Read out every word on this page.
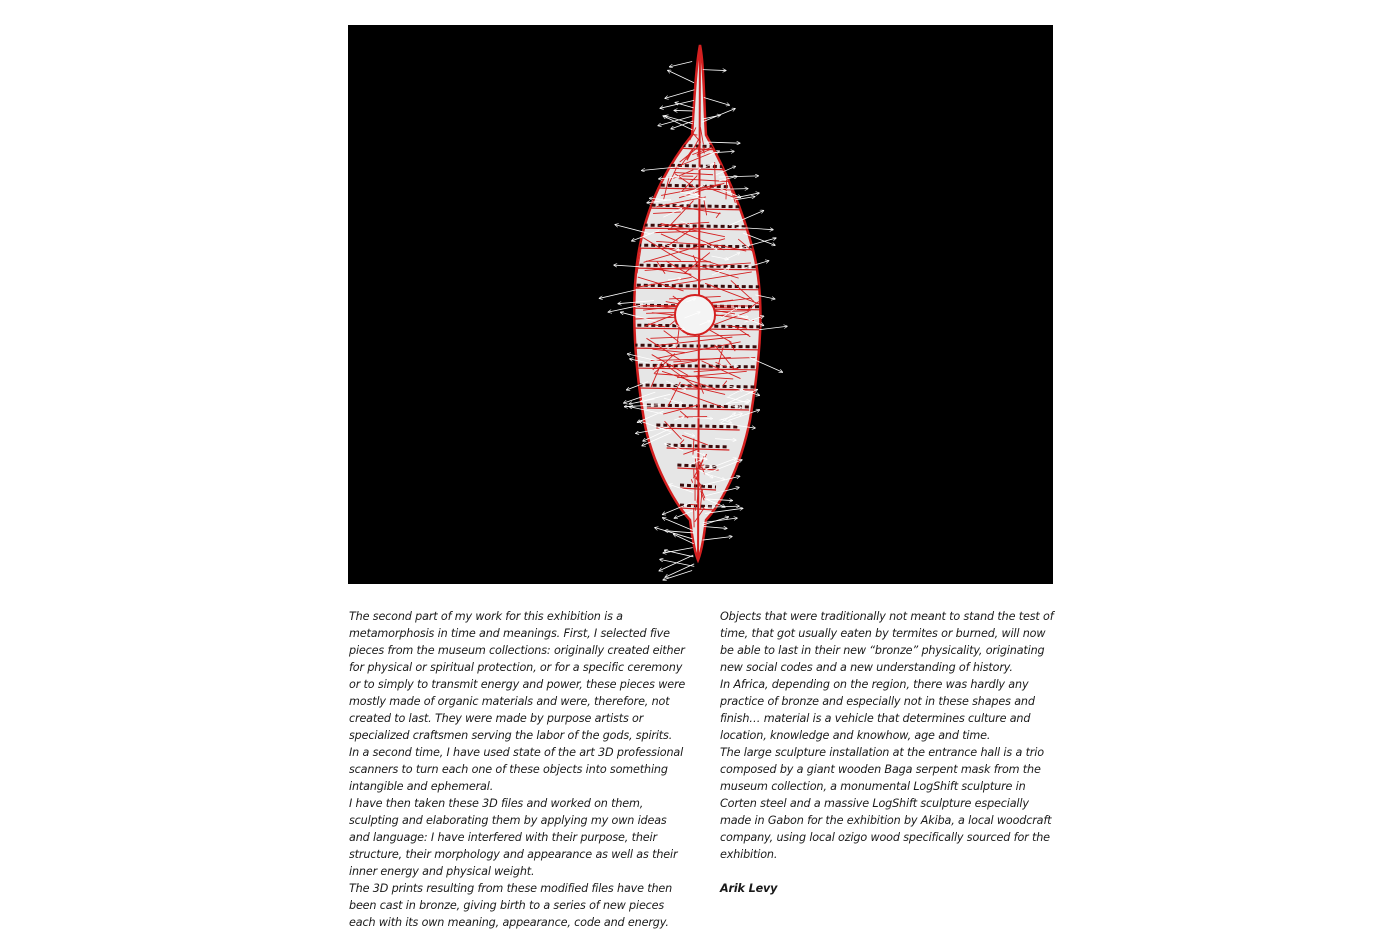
The second part of my work for this exhibition is a metamorphosis in time and meanings. First, I selected five pieces from the museum collections: originally created either for physical or spiritual protection, or for a specific ceremony or to simply to transmit energy and power, these pieces were mostly made of organic materials and were, therefore, not created to last. They were made by purpose artists or specialized craftsmen serving the labor of the gods, spirits.

In a second time, I have used state of the art 3D professional scanners to turn each one of these objects into something intangible and ephemeral.

I have then taken these 3D files and worked on them, sculpting and elaborating them by applying my own ideas and language: I have interfered with their purpose, their structure, their morphology and appearance as well as their inner energy and physical weight.

The 3D prints resulting from these modified files have then been cast in bronze, giving birth to a series of new pieces each with its own meaning, appearance, code and energy.

Objects that were traditionally not meant to stand the test of time, that got usually eaten by termites or burned, will now be able to last in their new “bronze” physicality, originating new social codes and a new understanding of history.

In Africa, depending on the region, there was hardly any practice of bronze and especially not in these shapes and finish… material is a vehicle that determines culture and location, knowledge and knowhow, age and time.

The large sculpture installation at the entrance hall is a trio composed by a giant wooden Baga serpent mask from the museum collection, a monumental LogShift sculpture in Corten steel and a massive LogShift sculpture especially made in Gabon for the exhibition by Akiba, a local woodcraft company, using local ozigo wood specifically sourced for the exhibition.

Arik Levy
